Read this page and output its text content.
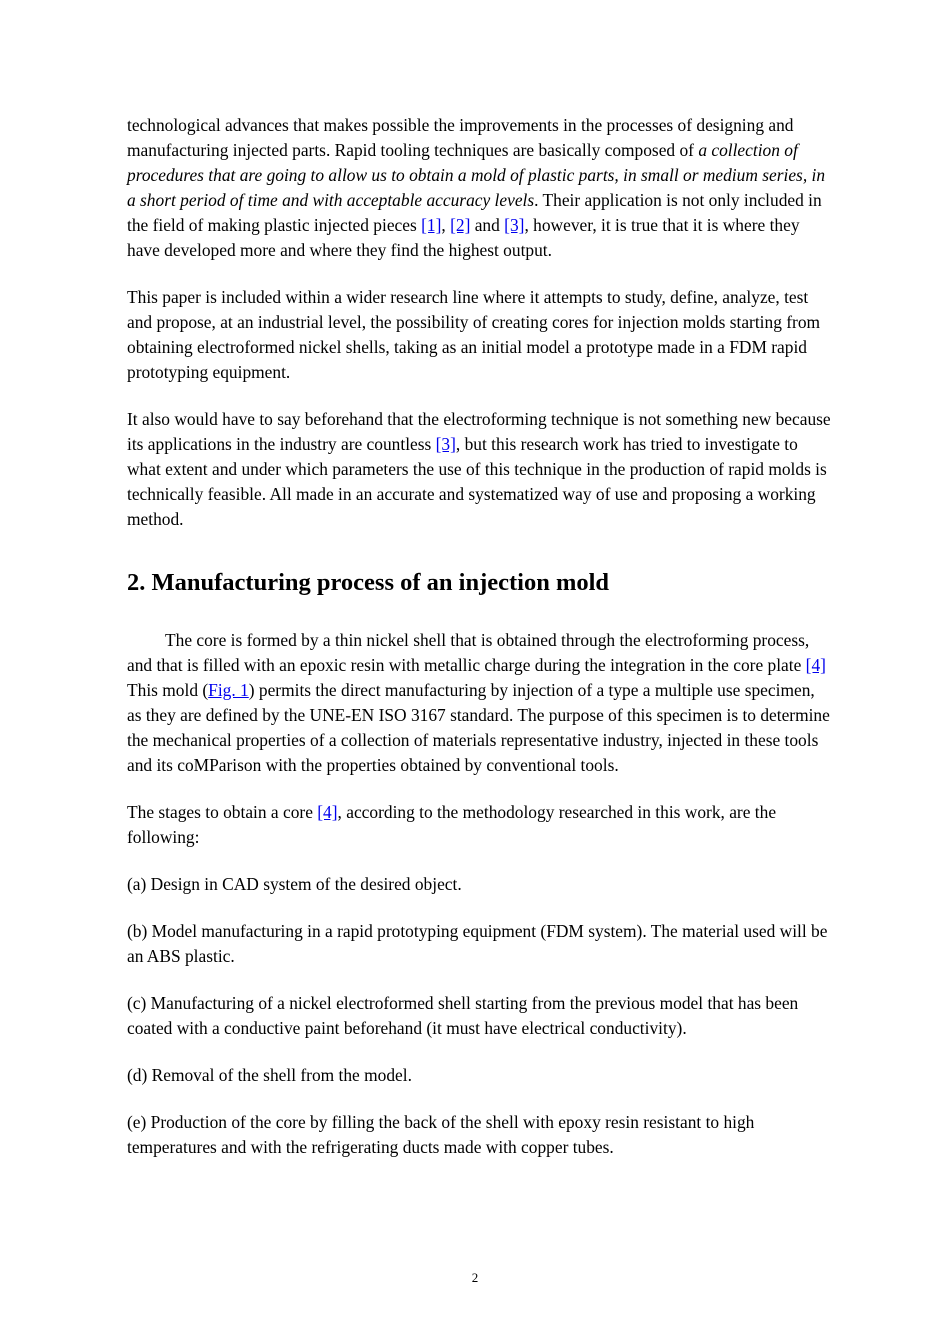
technological advances that makes possible the improvements in the processes of designing and manufacturing injected parts. Rapid tooling techniques are basically composed of a collection of procedures that are going to allow us to obtain a mold of plastic parts, in small or medium series, in a short period of time and with acceptable accuracy levels. Their application is not only included in the field of making plastic injected pieces [1], [2] and [3], however, it is true that it is where they have developed more and where they find the highest output.

This paper is included within a wider research line where it attempts to study, define, analyze, test and propose, at an industrial level, the possibility of creating cores for injection molds starting from obtaining electroformed nickel shells, taking as an initial model a prototype made in a FDM rapid prototyping equipment.

It also would have to say beforehand that the electroforming technique is not something new because its applications in the industry are countless [3], but this research work has tried to investigate to what extent and under which parameters the use of this technique in the production of rapid molds is technically feasible. All made in an accurate and systematized way of use and proposing a working method.

2. Manufacturing process of an injection mold

The core is formed by a thin nickel shell that is obtained through the electroforming process, and that is filled with an epoxic resin with metallic charge during the integration in the core plate [4] This mold (Fig. 1) permits the direct manufacturing by injection of a type a multiple use specimen, as they are defined by the UNE-EN ISO 3167 standard. The purpose of this specimen is to determine the mechanical properties of a collection of materials representative industry, injected in these tools and its coMParison with the properties obtained by conventional tools.

The stages to obtain a core [4], according to the methodology researched in this work, are the following:

(a) Design in CAD system of the desired object.

(b) Model manufacturing in a rapid prototyping equipment (FDM system). The material used will be an ABS plastic.

(c) Manufacturing of a nickel electroformed shell starting from the previous model that has been coated with a conductive paint beforehand (it must have electrical conductivity).

(d) Removal of the shell from the model.

(e) Production of the core by filling the back of the shell with epoxy resin resistant to high temperatures and with the refrigerating ducts made with copper tubes.

2
